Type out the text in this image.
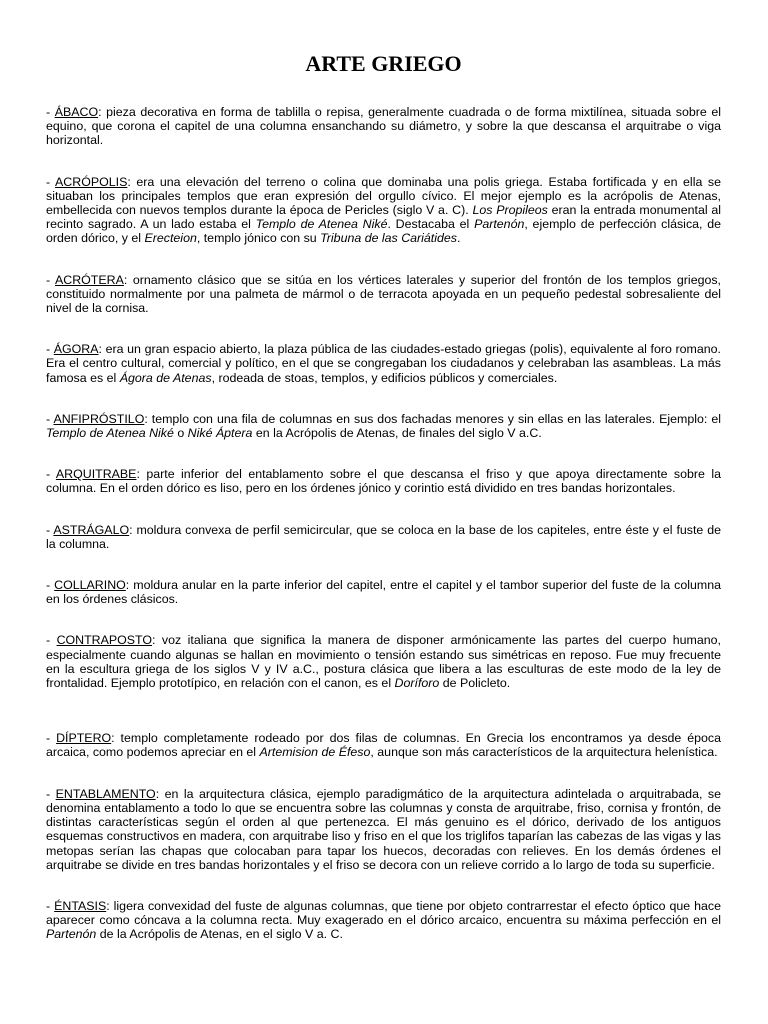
ARTE GRIEGO

- ÁBACO: pieza decorativa en forma de tablilla o repisa, generalmente cuadrada o de forma mixtilínea, situada sobre el equino, que corona el capitel de una columna ensanchando su diámetro, y sobre la que descansa el arquitrabe o viga horizontal.

- ACRÓPOLIS: era una elevación del terreno o colina que dominaba una polis griega. Estaba fortificada y en ella se situaban los principales templos que eran expresión del orgullo cívico. El mejor ejemplo es la acrópolis de Atenas, embellecida con nuevos templos durante la época de Pericles (siglo V a. C). Los Propileos eran la entrada monumental al recinto sagrado. A un lado estaba el Templo de Atenea Niké. Destacaba el Partenón, ejemplo de perfección clásica, de orden dórico, y el Erecteion, templo jónico con su Tribuna de las Cariátides.

- ACRÓTERA: ornamento clásico que se sitúa en los vértices laterales y superior del frontón de los templos griegos, constituido normalmente por una palmeta de mármol o de terracota apoyada en un pequeño pedestal sobresaliente del nivel de la cornisa.

- ÁGORA: era un gran espacio abierto, la plaza pública de las ciudades-estado griegas (polis), equivalente al foro romano. Era el centro cultural, comercial y político, en el que se congregaban los ciudadanos y celebraban las asambleas. La más famosa es el Ágora de Atenas, rodeada de stoas, templos, y edificios públicos y comerciales.

- ANFIPRÓSTILO: templo con una fila de columnas en sus dos fachadas menores y sin ellas en las laterales. Ejemplo: el Templo de Atenea Niké o Niké Áptera en la Acrópolis de Atenas, de finales del siglo V a.C.

- ARQUITRABE: parte inferior del entablamento sobre el que descansa el friso y que apoya directamente sobre la columna. En el orden dórico es liso, pero en los órdenes jónico y corintio está dividido en tres bandas horizontales.

- ASTRÁGALO: moldura convexa de perfil semicircular, que se coloca en la base de los capiteles, entre éste y el fuste de la columna.

- COLLARINO: moldura anular en la parte inferior del capitel, entre el capitel y el tambor superior del fuste de la columna en los órdenes clásicos.

- CONTRAPOSTO: voz italiana que significa la manera de disponer armónicamente las partes del cuerpo humano, especialmente cuando algunas se hallan en movimiento o tensión estando sus simétricas en reposo. Fue muy frecuente en la escultura griega de los siglos V y IV a.C., postura clásica que libera a las esculturas de este modo de la ley de frontalidad. Ejemplo prototípico, en relación con el canon, es el Doríforo de Policleto.

- DÍPTERO: templo completamente rodeado por dos filas de columnas. En Grecia los encontramos ya desde época arcaica, como podemos apreciar en el Artemision de Éfeso, aunque son más característicos de la arquitectura helenística.

- ENTABLAMENTO: en la arquitectura clásica, ejemplo paradigmático de la arquitectura adintelada o arquitrabada, se denomina entablamento a todo lo que se encuentra sobre las columnas y consta de arquitrabe, friso, cornisa y frontón, de distintas características según el orden al que pertenezca. El más genuino es el dórico, derivado de los antiguos esquemas constructivos en madera, con arquitrabe liso y friso en el que los triglifos taparían las cabezas de las vigas y las metopas serían las chapas que colocaban para tapar los huecos, decoradas con relieves. En los demás órdenes el arquitrabe se divide en tres bandas horizontales y el friso se decora con un relieve corrido a lo largo de toda su superficie.

- ÉNTASIS: ligera convexidad del fuste de algunas columnas, que tiene por objeto contrarrestar el efecto óptico que hace aparecer como cóncava a la columna recta. Muy exagerado en el dórico arcaico, encuentra su máxima perfección en el Partenón de la Acrópolis de Atenas, en el siglo V a. C.
